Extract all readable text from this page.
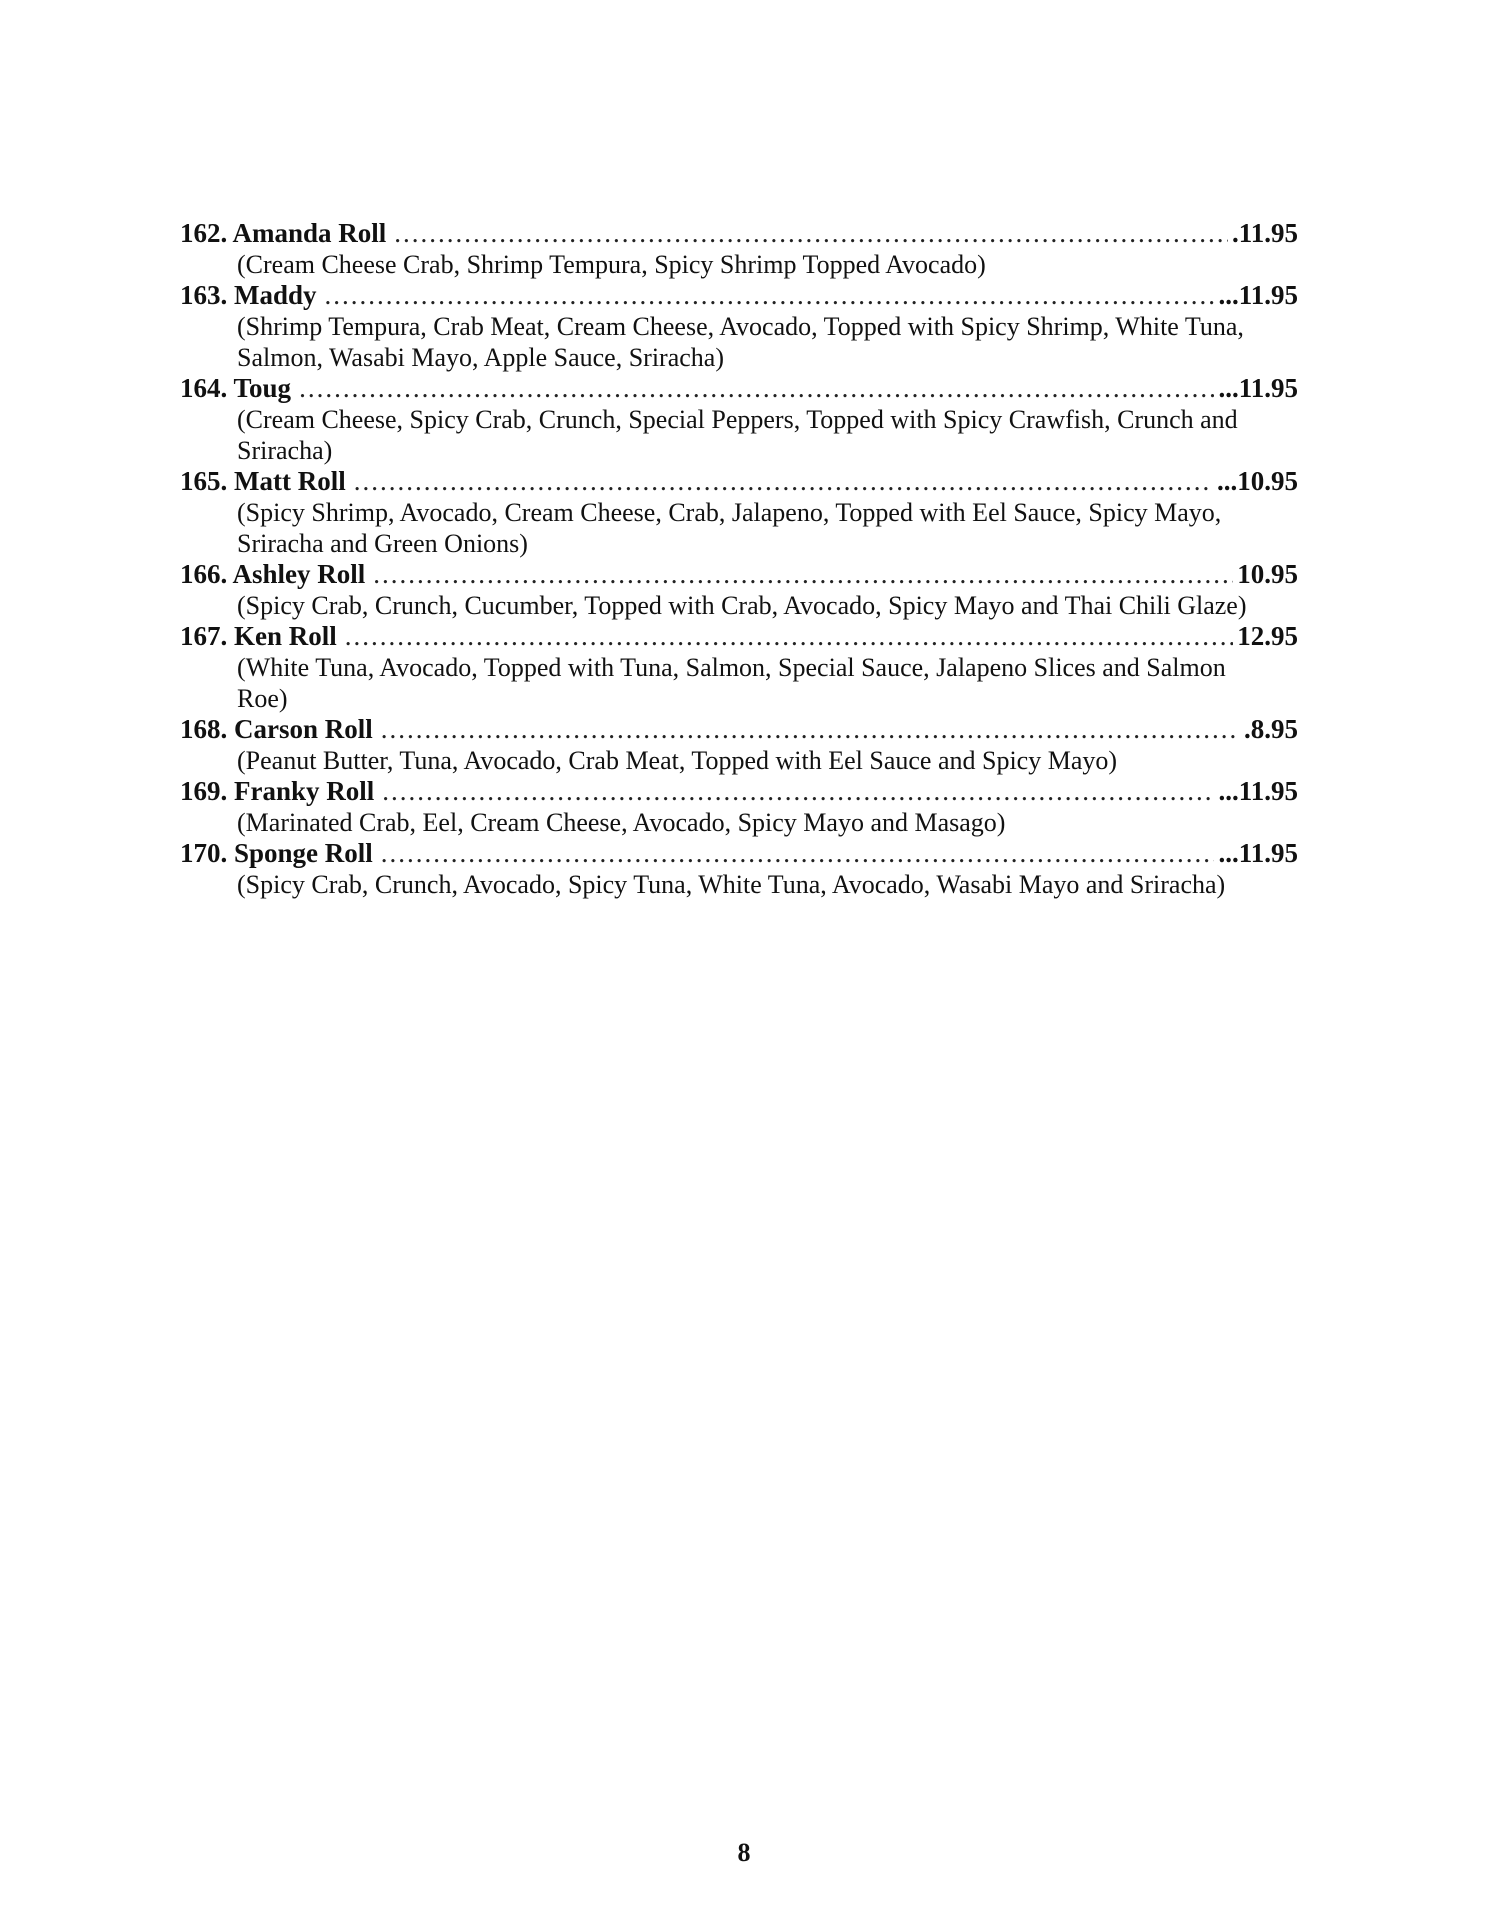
162. Amanda Roll .....	.11.95
(Cream Cheese Crab, Shrimp Tempura, Spicy Shrimp Topped Avocado)
163. Maddy .....	...11.95
(Shrimp Tempura, Crab Meat, Cream Cheese, Avocado, Topped with Spicy Shrimp, White Tuna, Salmon, Wasabi Mayo, Apple Sauce, Sriracha)
164. Toug .....	...11.95
(Cream Cheese, Spicy Crab, Crunch, Special Peppers, Topped with Spicy Crawfish, Crunch and Sriracha)
165. Matt Roll .....	...10.95
(Spicy Shrimp, Avocado, Cream Cheese, Crab, Jalapeno, Topped with Eel Sauce, Spicy Mayo, Sriracha and Green Onions)
166. Ashley Roll .....	10.95
(Spicy Crab, Crunch, Cucumber, Topped with Crab, Avocado, Spicy Mayo and Thai Chili Glaze)
167. Ken Roll .....	12.95
(White Tuna, Avocado, Topped with Tuna, Salmon, Special Sauce, Jalapeno Slices and Salmon Roe)
168. Carson Roll .....	.8.95
(Peanut Butter, Tuna, Avocado, Crab Meat, Topped with Eel Sauce and Spicy Mayo)
169. Franky Roll .....	...11.95
(Marinated Crab, Eel, Cream Cheese, Avocado, Spicy Mayo and Masago)
170. Sponge Roll .....	...11.95
(Spicy Crab, Crunch, Avocado, Spicy Tuna, White Tuna, Avocado, Wasabi Mayo and Sriracha)
8
